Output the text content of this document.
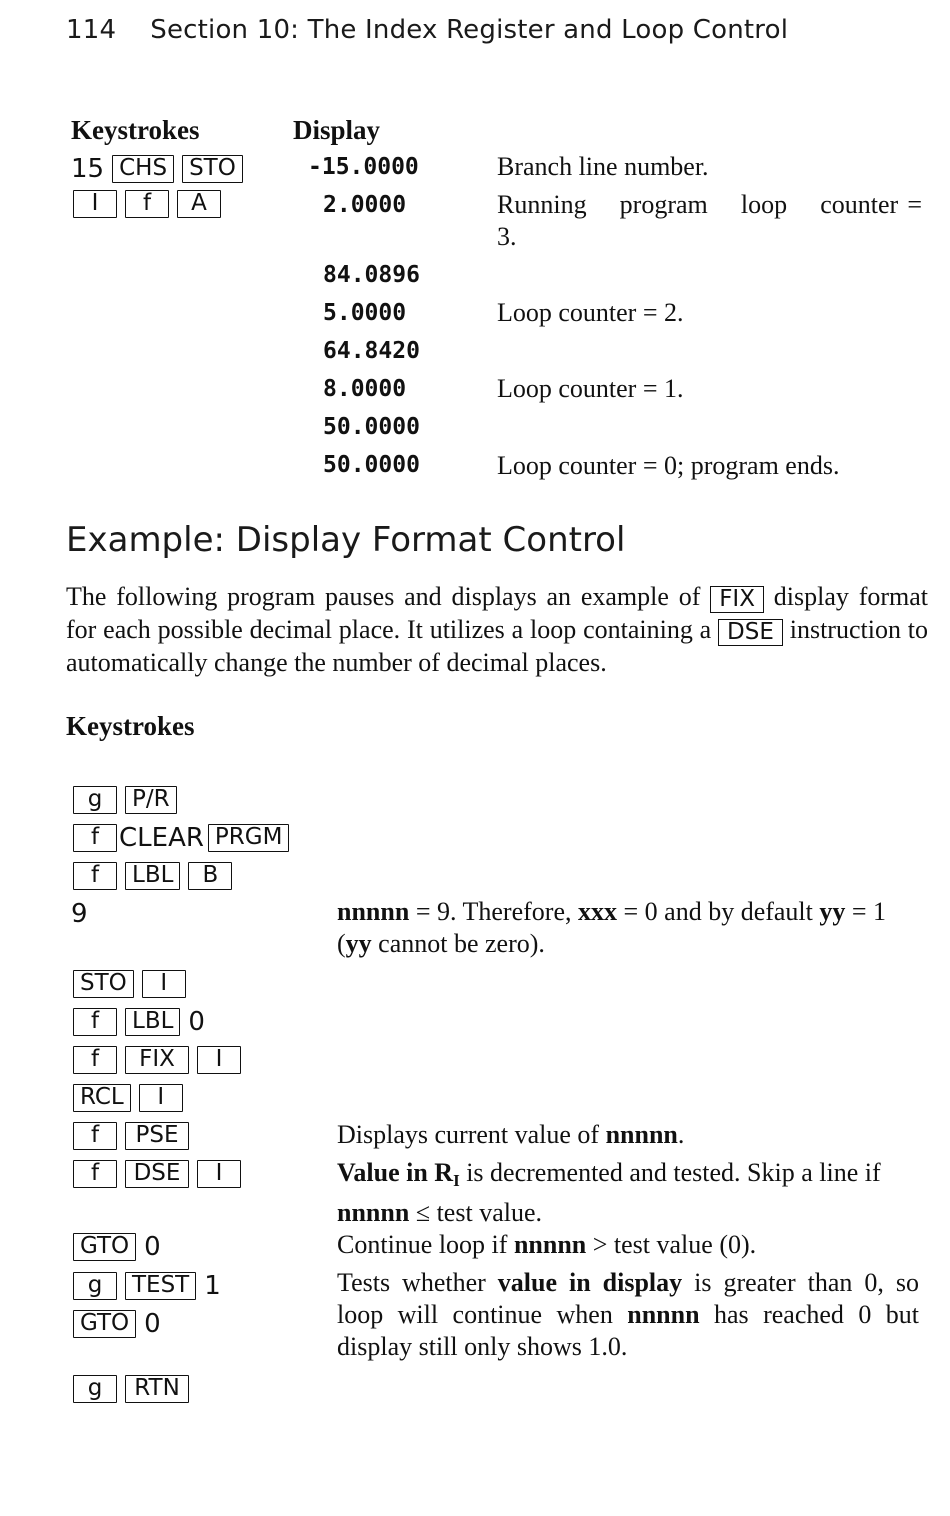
114 Section 10: The Index Register and Loop Control
Keystrokes	Display
15 CHS STO
I f A
-15.0000
2.0000
84.0896
5.0000
64.8420
8.0000
50.0000
50.0000
Branch line number.
Running program loop counter = 3.
Loop counter = 2.
Loop counter = 1.
Loop counter = 0; program ends.
Example: Display Format Control
The following program pauses and displays an example of FIX display format for each possible decimal place. It utilizes a loop containing a DSE instruction to automatically change the number of decimal places.
Keystrokes
g P/R
f CLEAR PRGM
f LBL B
9
STO I
f LBL 0
f FIX I
RCL I
f PSE
f DSE I
GTO 0
g TEST 1
GTO 0
g RTN
nnnnn = 9. Therefore, xxx = 0 and by default yy = 1 (yy cannot be zero).
Displays current value of nnnnn.
Value in RI is decremented and tested. Skip a line if nnnnn ≤ test value.
Continue loop if nnnnn > test value (0).
Tests whether value in display is greater than 0, so loop will continue when nnnnn has reached 0 but display still only shows 1.0.
